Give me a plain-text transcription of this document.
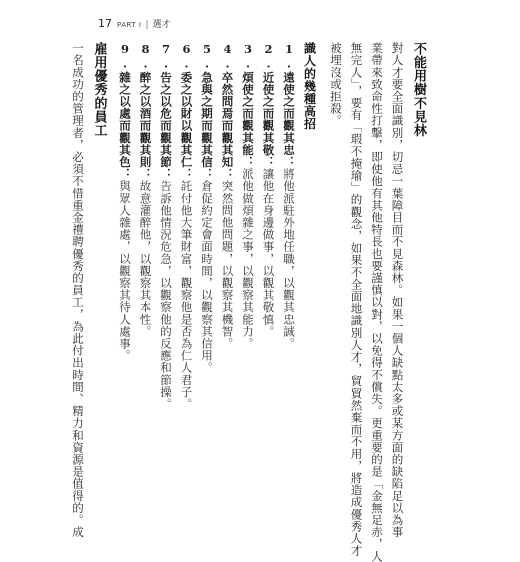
17 PART Ⅰ | 選才
不能用樹不見林
對人才要全面識別，切忌一葉障目而不見森林。如果一個人缺點太多或某方面的缺陷足以為事
業帶來致命性打擊，即使他有其他特長也要謹慎以對，以免得不償失。更重要的是「金無足赤，人
無完人」，要有「瑕不掩瑜」的觀念，如果不全面地識別人才，貿貿然棄而不用，將造成優秀人才
被埋沒或拒殺。
識人的幾種高招
1.遠使之而觀其忠：將他派駐外地任職，以觀其忠誠。
2.近使之而觀其敬：讓他在身邊做事，以觀其敬慎。
3.煩使之而觀其能：派他做煩雜之事，以觀察其能力。
4.卒然問焉而觀其知：突然問他問題，以觀察其機智。
5.急與之期而觀其信：倉促約定會面時間，以觀察其信用。
6.委之以財以觀其仁：託付他大筆財富，觀察他是否為仁人君子。
7.告之以危而觀其節：告訴他情況危急，以觀察他的反應和節操。
8.醉之以酒而觀其則：故意灌醉他，以觀察其本性。
9.雜之以處而觀其色：與眾人雜處，以觀察其待人處事。
雇用優秀的員工
一名成功的管理者，必須不惜重金禮聘優秀的員工，為此付出時間、精力和資源是值得的。成
